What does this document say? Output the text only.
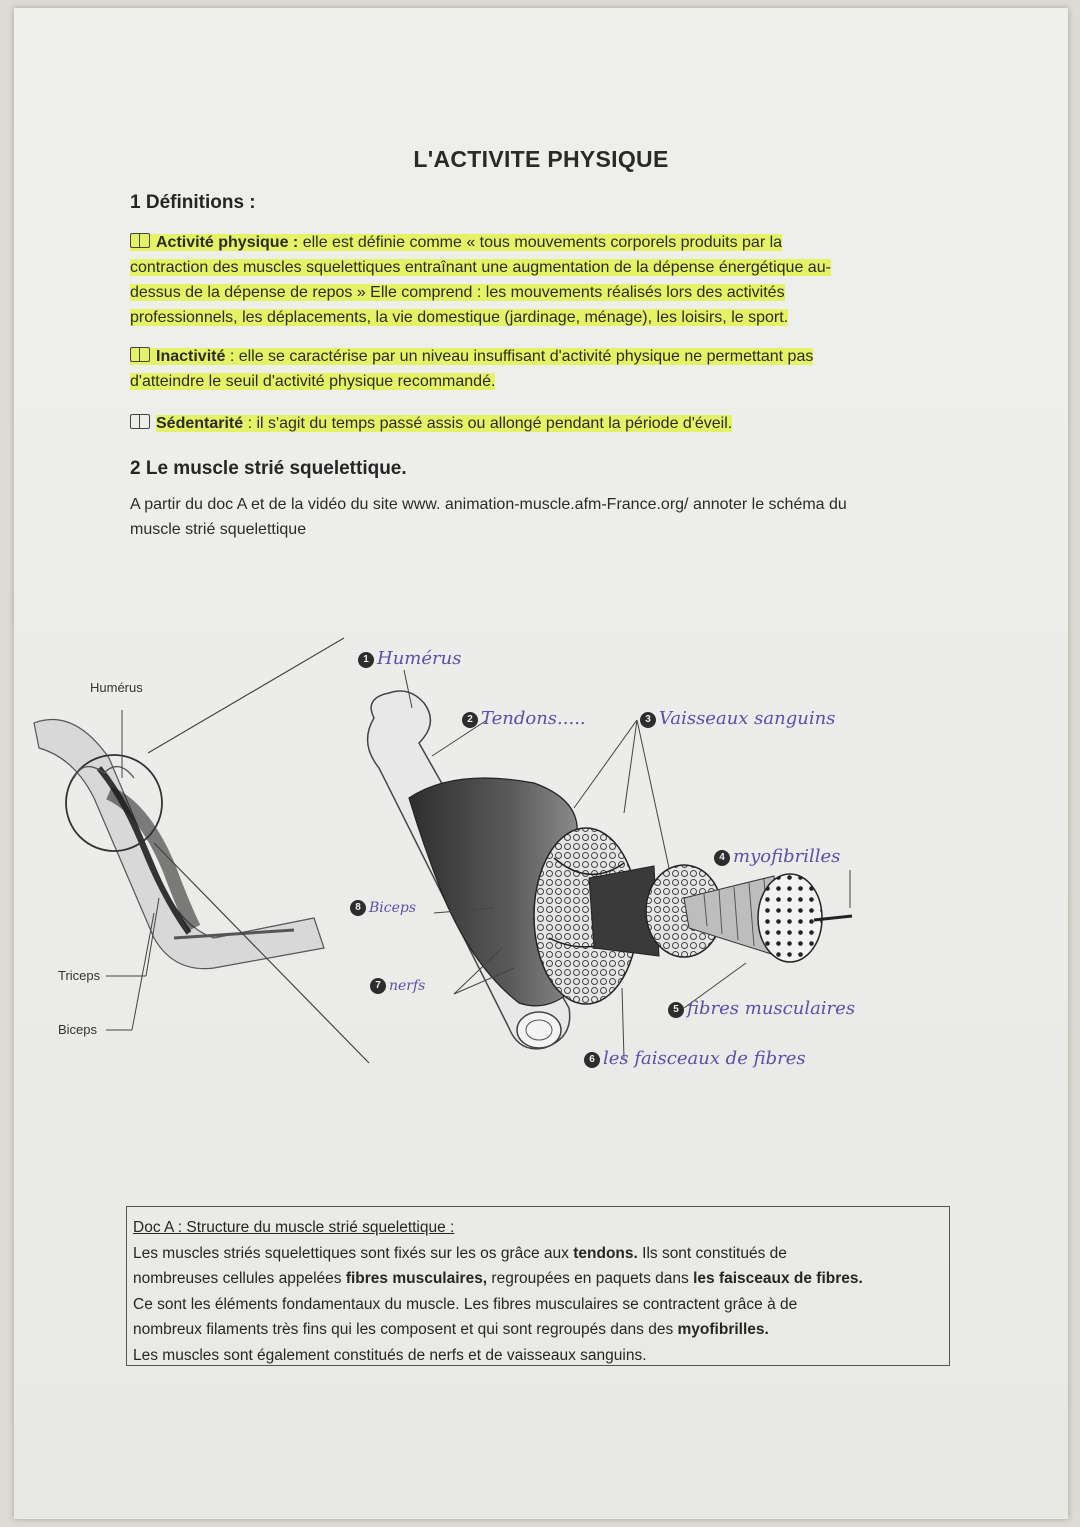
L'ACTIVITE PHYSIQUE
1 Définitions :
Activité physique : elle est définie comme « tous mouvements corporels produits par la
contraction des muscles squelettiques entraînant une augmentation de la dépense énergétique au-
dessus de la dépense de repos » Elle comprend : les mouvements réalisés lors des activités
professionnels, les déplacements, la vie domestique (jardinage, ménage), les loisirs, le sport.
Inactivité : elle se caractérise par un niveau insuffisant d'activité physique ne permettant pas
d'atteindre le seuil d'activité physique recommandé.
Sédentarité : il s'agit du temps passé assis ou allongé pendant la période d'éveil.
2 Le muscle strié squelettique.
A partir du doc A et de la vidéo du site www. animation-muscle.afm-France.org/ annoter le schéma du
muscle strié squelettique
Humérus
Triceps
Biceps
1 Humérus
2 Tendons.....	3 Vaisseaux sanguins
4 myofibrilles
5 fibres musculaires
6 les faisceaux de fibres
7 nerfs
8 Biceps
Doc A : Structure du muscle strié squelettique :
Les muscles striés squelettiques sont fixés sur les os grâce aux tendons. Ils sont constitués de
nombreuses cellules appelées fibres musculaires, regroupées en paquets dans les faisceaux de fibres.
Ce sont les éléments fondamentaux du muscle. Les fibres musculaires se contractent grâce à de
nombreux filaments très fins qui les composent et qui sont regroupés dans des myofibrilles.
Les muscles sont également constitués de nerfs et de vaisseaux sanguins.
